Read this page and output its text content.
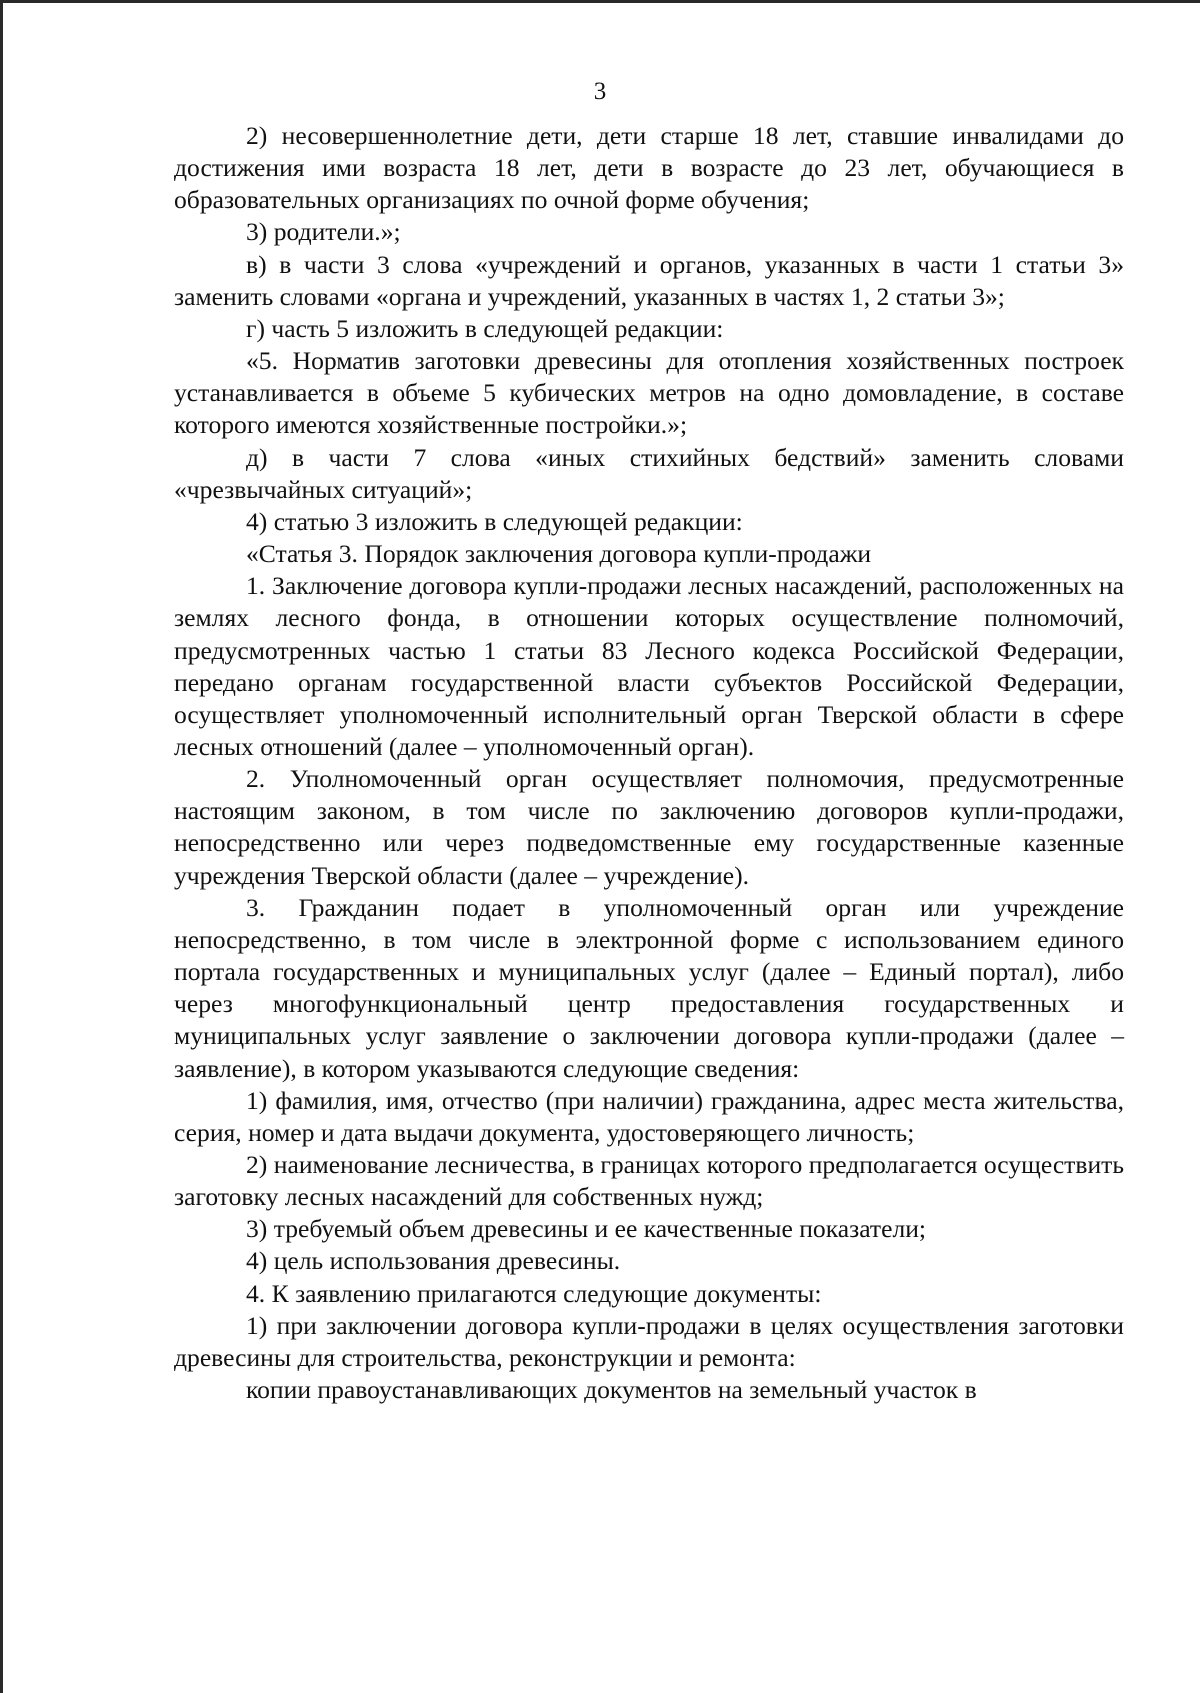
3

2) несовершеннолетние дети, дети старше 18 лет, ставшие инвалидами до достижения ими возраста 18 лет, дети в возрасте до 23 лет, обучающиеся в образовательных организациях по очной форме обучения;

3) родители.»;

в) в части 3 слова «учреждений и органов, указанных в части 1 статьи 3» заменить словами «органа и учреждений, указанных в частях 1, 2 статьи 3»;

г) часть 5 изложить в следующей редакции:

«5. Норматив заготовки древесины для отопления хозяйственных построек устанавливается в объеме 5 кубических метров на одно домовладение, в составе которого имеются хозяйственные постройки.»;

д) в части 7 слова «иных стихийных бедствий» заменить словами «чрезвычайных ситуаций»;

4) статью 3 изложить в следующей редакции:

«Статья 3. Порядок заключения договора купли-продажи

1. Заключение договора купли-продажи лесных насаждений, расположенных на землях лесного фонда, в отношении которых осуществление полномочий, предусмотренных частью 1 статьи 83 Лесного кодекса Российской Федерации, передано органам государственной власти субъектов Российской Федерации, осуществляет уполномоченный исполнительный орган Тверской области в сфере лесных отношений (далее – уполномоченный орган).

2. Уполномоченный орган осуществляет полномочия, предусмотренные настоящим законом, в том числе по заключению договоров купли-продажи, непосредственно или через подведомственные ему государственные казенные учреждения Тверской области (далее – учреждение).

3. Гражданин подает в уполномоченный орган или учреждение непосредственно, в том числе в электронной форме с использованием единого портала государственных и муниципальных услуг (далее – Единый портал), либо через многофункциональный центр предоставления государственных и муниципальных услуг заявление о заключении договора купли-продажи (далее – заявление), в котором указываются следующие сведения:

1) фамилия, имя, отчество (при наличии) гражданина, адрес места жительства, серия, номер и дата выдачи документа, удостоверяющего личность;

2) наименование лесничества, в границах которого предполагается осуществить заготовку лесных насаждений для собственных нужд;

3) требуемый объем древесины и ее качественные показатели;

4) цель использования древесины.

4. К заявлению прилагаются следующие документы:

1) при заключении договора купли-продажи в целях осуществления заготовки древесины для строительства, реконструкции и ремонта:

копии правоустанавливающих документов на земельный участок в
